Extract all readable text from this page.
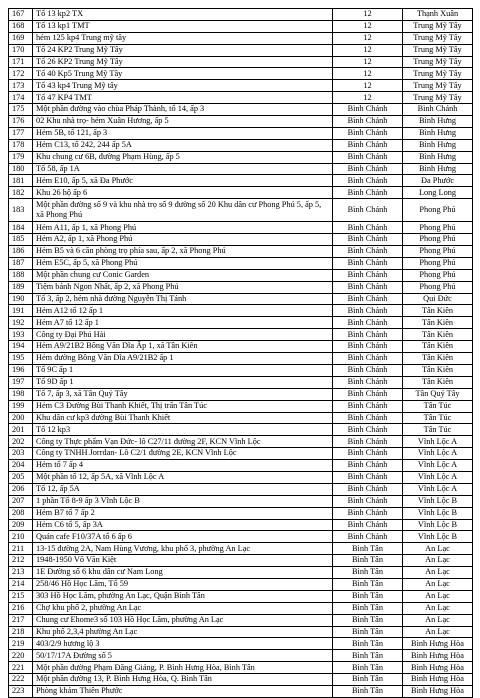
167	Tổ 13 kp2 TX	12	Thạnh Xuân
168	Tổ 13 kp1 TMT	12	Trung Mỹ Tây
169	hẻm 125 kp4 Trung mỹ tây	12	Trung Mỹ Tây
170	Tổ 24 KP2 Trung Mỹ Tây	12	Trung Mỹ Tây
171	Tổ 26 KP2 Trung Mỹ Tây	12	Trung Mỹ Tây
172	Tổ 40 Kp5 Trung Mỹ Tây	12	Trung Mỹ Tây
173	Tổ 43 kp4 Trung Mỹ tây	12	Trung Mỹ Tây
174	Tổ 47 KP4 TMT	12	Trung Mỹ Tây
175	Một phần đường vào chùa Pháp Thành, tổ 14, ấp 3	Bình Chánh	Bình Chánh
176	02 Khu nhà trọ- hẻm Xuân Hương, ấp 5	Bình Chánh	Bình Hưng
177	Hẻm 5B, tổ 121, ấp 3	Bình Chánh	Bình Hưng
178	Hẻm C13, tổ 242, 244 ấp 5A	Bình Chánh	Bình Hưng
179	Khu chung cư 6B, đường Phạm Hùng, ấp 5	Bình Chánh	Bình Hưng
180	Tổ 58, ấp 1A	Bình Chánh	Bình Hưng
181	Hẻm E10, ấp 5, xã Đa Phước	Bình Chánh	Đa Phước
182	Khu 26 hộ ấp 6	Bình Chánh	Long Long
183	Một phần đường số 9 và khu nhà trọ số 9 đường số 20 Khu dân cư Phong Phú 5, ấp 5, xã Phong Phú	Bình Chánh	Phong Phú
184	Hẻm A11, ấp 1, xã Phong Phú	Bình Chánh	Phong Phú
185	Hẻm A2, ấp 1, xã Phong Phú	Bình Chánh	Phong Phú
186	Hẻm B5 và 6 căn phòng trọ phía sau, ấp 2, xã Phong Phú	Bình Chánh	Phong Phú
187	Hẻm E5C, ấp 5, xã Phong Phú	Bình Chánh	Phong Phú
188	Một phần chung cư Conic Garden	Bình Chánh	Phong Phú
189	Tiệm bánh Ngon Nhất, ấp 2, xã Phong Phú	Bình Chánh	Phong Phú
190	Tổ 3, ấp 2, hẻm nhà đường Nguyễn Thị Tánh	Bình Chánh	Qui Đức
191	Hẻm A12 tổ 12 ấp 1	Bình Chánh	Tân Kiên
192	Hẻm A7 tổ 12 ấp 1	Bình Chánh	Tân Kiên
193	Công ty Đại Phú Hải	Bình Chánh	Tân Kiên
194	Hẻm A9/21B2 Bông Văn Dĩa Ấp 1, xã Tân Kiên	Bình Chánh	Tân Kiên
195	Hẻm đường Bông Văn Dĩa A9/21B2 ấp 1	Bình Chánh	Tân Kiên
196	Tổ 9C ấp 1	Bình Chánh	Tân Kiên
197	Tổ 9D ấp 1	Bình Chánh	Tân Kiên
198	Tổ 7, ấp 3, xã Tân Quý Tây	Bình Chánh	Tân Quý Tây
199	Hẻm C3 Đường Bùi Thanh Khiết, Thị trấn Tân Túc	Bình Chánh	Tân Túc
200	Khu dân cư kp3 đường Bùi Thanh Khiết	Bình Chánh	Tân Túc
201	Tổ 12 kp3	Bình Chánh	Tân Túc
202	Công ty Thực phẩm Vạn Đức- lô C27/11 đường 2F, KCN Vĩnh Lộc	Bình Chánh	Vĩnh Lộc A
203	Công ty TNHH Jorrdan- Lô C2/1 đường 2E, KCN Vĩnh Lộc	Bình Chánh	Vĩnh Lộc A
204	Hẻm tổ 7 ấp 4	Bình Chánh	Vĩnh Lộc A
205	Một phần tổ 12, ấp 5A, xã Vĩnh Lộc A	Bình Chánh	Vĩnh Lộc A
206	Tổ 12, ấp 5A	Bình Chánh	Vĩnh Lộc A
207	1 phần Tổ 8-9 ấp 3 Vĩnh Lộc B	Bình Chánh	Vĩnh Lộc B
208	Hẻm B7 tổ 7 ấp 2	Bình Chánh	Vĩnh Lộc B
209	Hẻm C6 tổ 5, ấp 3A	Bình Chánh	Vĩnh Lộc B
210	Quán cafe F10/37A tổ 6 ấp 6	Bình Chánh	Vĩnh Lộc B
211	13-15 đường 2A, Nam Hùng Vương, khu phố 3, phường An Lạc	Bình Tân	An Lạc
212	1948-1950 Võ Văn Kiệt	Bình Tân	An Lạc
213	1E Đường số 6 khu dân cư Nam Long	Bình Tân	An Lạc
214	258/46 Hồ Học Lãm, Tổ 59	Bình Tân	An Lạc
215	303 Hồ Học Lãm, phường An Lạc, Quận Bình Tân	Bình Tân	An Lạc
216	Chợ khu phố 2, phường An Lạc	Bình Tân	An Lạc
217	Chung cư Ehome3 số 103 Hồ Học Lãm, phường An Lạc	Bình Tân	An Lạc
218	Khu phố 2,3,4 phường An Lạc	Bình Tân	An Lạc
219	403/2/9 hương lộ 3	Bình Tân	Bình Hưng Hòa
220	50/17/17A Đường số 5	Bình Tân	Bình Hưng Hòa
221	Một phần đường Phạm Đăng Giảng, P. Bình Hưng Hòa, Bình Tân	Bình Tân	Bình Hưng Hòa
222	Một phần đường 13, P. Bình Hưng Hòa, Q. Bình Tân	Bình Tân	Bình Hưng Hòa
223	Phòng khám Thiên Phước	Bình Tân	Bình Hưng Hòa
